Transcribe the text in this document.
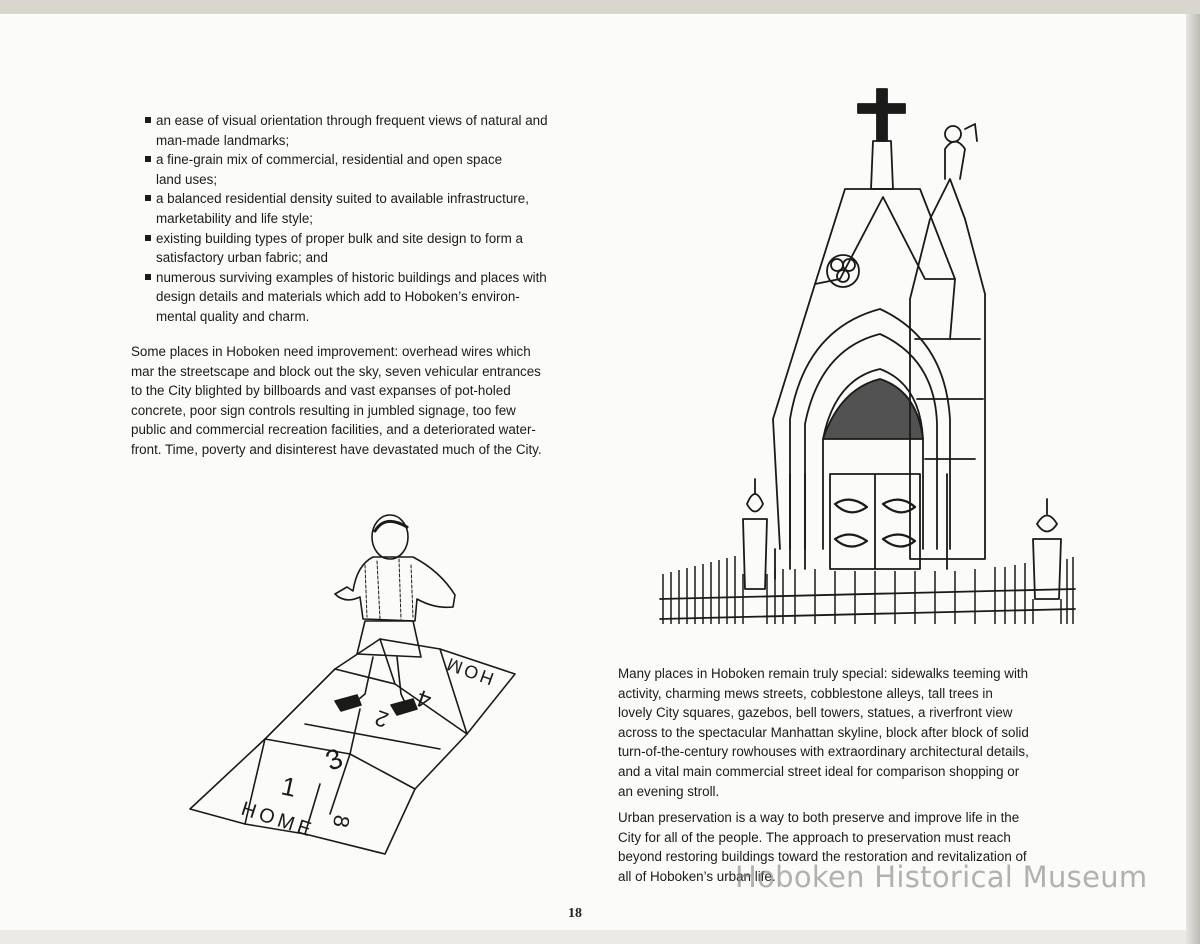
an ease of visual orientation through frequent views of natural and
man-made landmarks;
a fine-grain mix of commercial, residential and open space
land uses;
a balanced residential density suited to available infrastructure,
marketability and life style;
existing building types of proper bulk and site design to form a
satisfactory urban fabric; and
numerous surviving examples of historic buildings and places with
design details and materials which add to Hoboken’s environ-
mental quality and charm.

Some places in Hoboken need improvement: overhead wires which
mar the streetscape and block out the sky, seven vehicular entrances
to the City blighted by billboards and vast expanses of pot-holed
concrete, poor sign controls resulting in jumbled signage, too few
public and commercial recreation facilities, and a deteriorated water-
front. Time, poverty and disinterest have devastated much of the City.

1
3
8
4
2
HOME
HOM	Many places in Hoboken remain truly special: sidewalks teeming with
activity, charming mews streets, cobblestone alleys, tall trees in
lovely City squares, gazebos, bell towers, statues, a riverfront view
across to the spectacular Manhattan skyline, block after block of solid
turn-of-the-century rowhouses with extraordinary architectural details,
and a vital main commercial street ideal for comparison shopping or
an evening stroll.

Urban preservation is a way to both preserve and improve life in the
City for all of the people. The approach to preservation must reach
beyond restoring buildings toward the restoration and revitalization of
all of Hoboken’s urban life.

18
Hoboken Historical Museum
